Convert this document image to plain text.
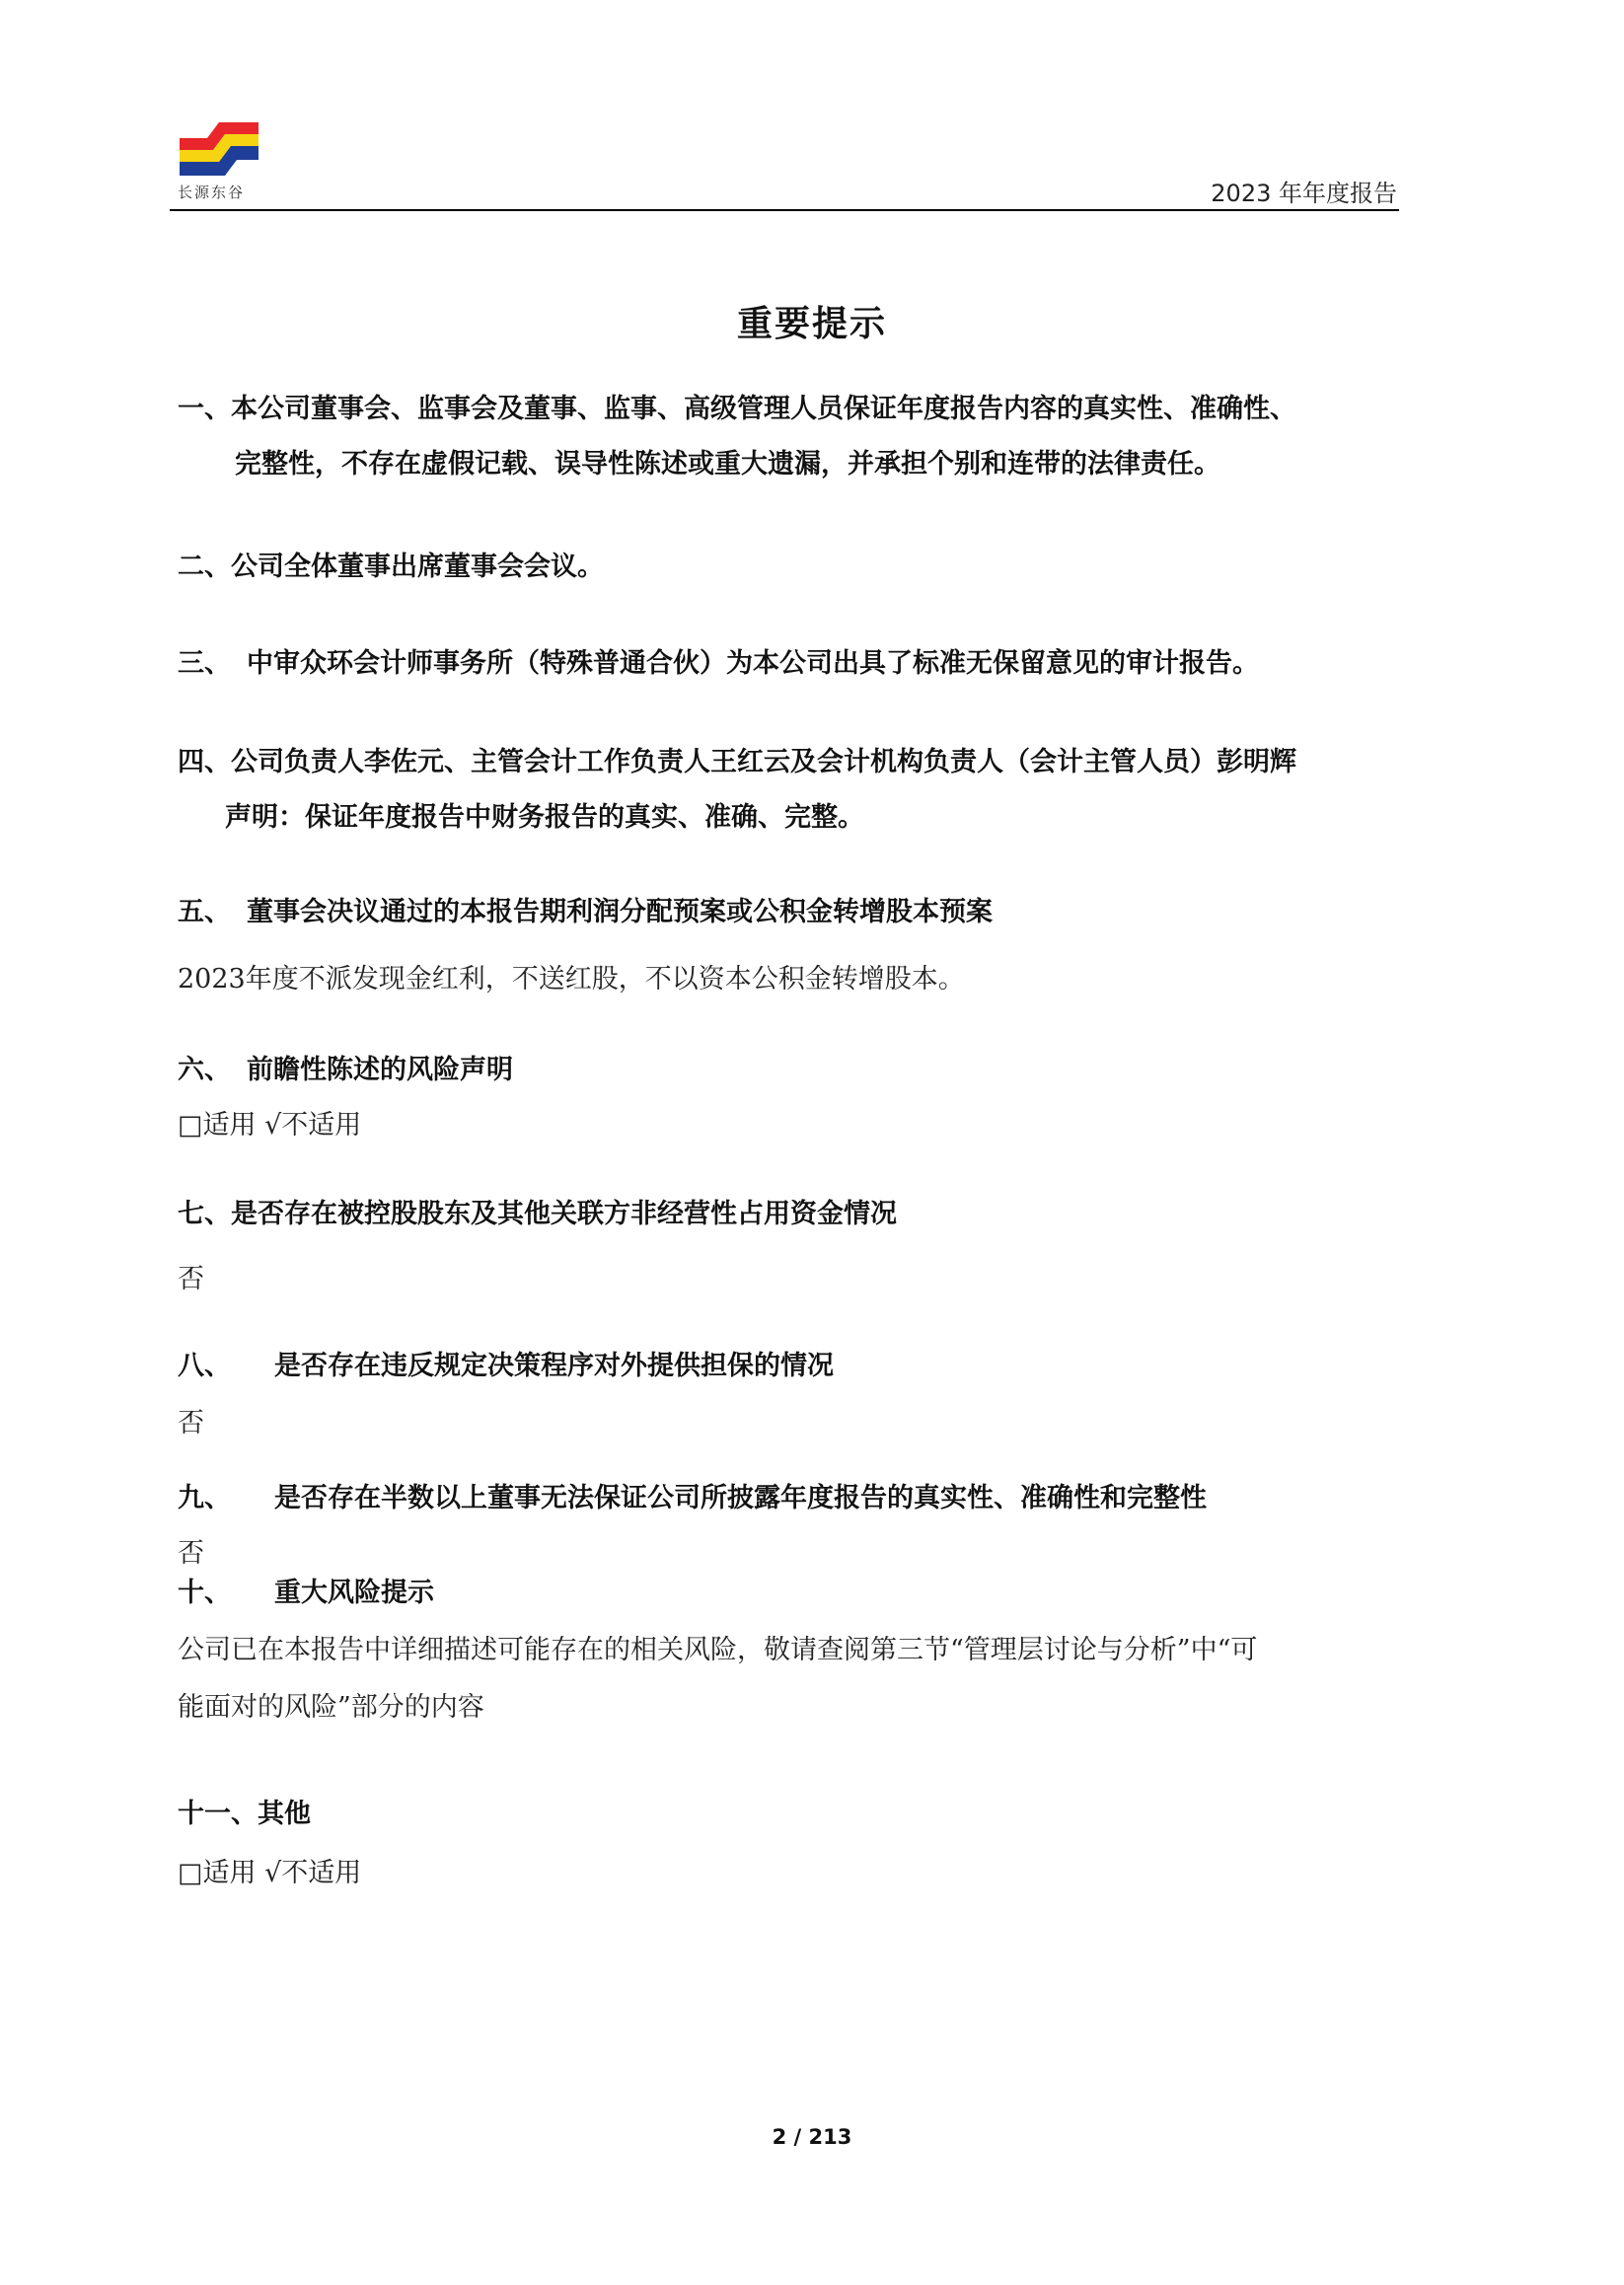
长源东谷	2023 年年度报告
重要提示
一、本公司董事会、监事会及董事、监事、高级管理人员保证年度报告内容的真实性、准确性、
完整性，不存在虚假记载、误导性陈述或重大遗漏，并承担个别和连带的法律责任。
二、公司全体董事出席董事会会议。
三、 中审众环会计师事务所（特殊普通合伙）为本公司出具了标准无保留意见的审计报告。
四、公司负责人李佐元、主管会计工作负责人王红云及会计机构负责人（会计主管人员）彭明辉
声明：保证年度报告中财务报告的真实、准确、完整。
五、 董事会决议通过的本报告期利润分配预案或公积金转增股本预案
2023年度不派发现金红利，不送红股，不以资本公积金转增股本。
六、 前瞻性陈述的风险声明
□适用 √不适用
七、是否存在被控股股东及其他关联方非经营性占用资金情况
否
八、 是否存在违反规定决策程序对外提供担保的情况
否
九、 是否存在半数以上董事无法保证公司所披露年度报告的真实性、准确性和完整性
否
十、 重大风险提示
公司已在本报告中详细描述可能存在的相关风险，敬请查阅第三节“管理层讨论与分析”中“可
能面对的风险”部分的内容
十一、其他
□适用 √不适用
2 / 213
